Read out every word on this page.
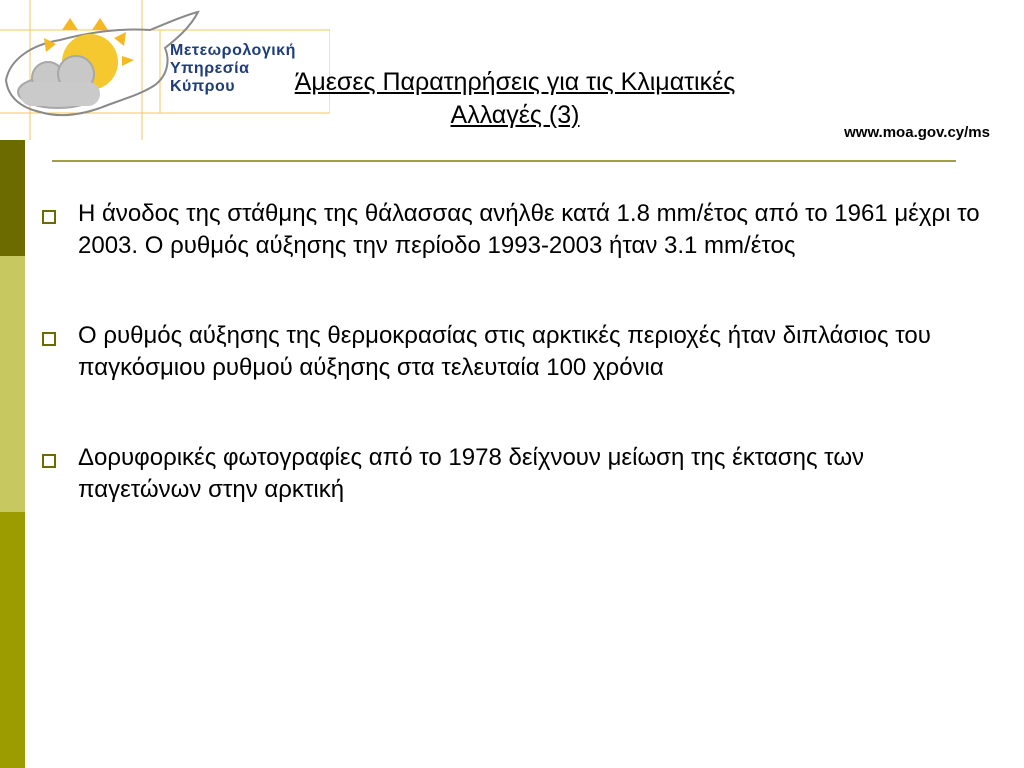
Μετεωρολογική
Υπηρεσία
Κύπρου	Άμεσες Παρατηρήσεις για τις Κλιματικές Αλλαγές (3)
www.moa.gov.cy/ms
Η άνοδος της στάθμης της θάλασσας ανήλθε κατά 1.8 mm/έτος από το 1961 μέχρι το 2003. Ο ρυθμός αύξησης την περίοδο 1993-2003 ήταν 3.1 mm/έτος
Ο ρυθμός αύξησης της θερμοκρασίας στις αρκτικές περιοχές ήταν διπλάσιος του παγκόσμιου ρυθμού αύξησης στα τελευταία 100 χρόνια
Δορυφορικές φωτογραφίες από το 1978 δείχνουν μείωση της έκτασης των παγετώνων στην αρκτική
